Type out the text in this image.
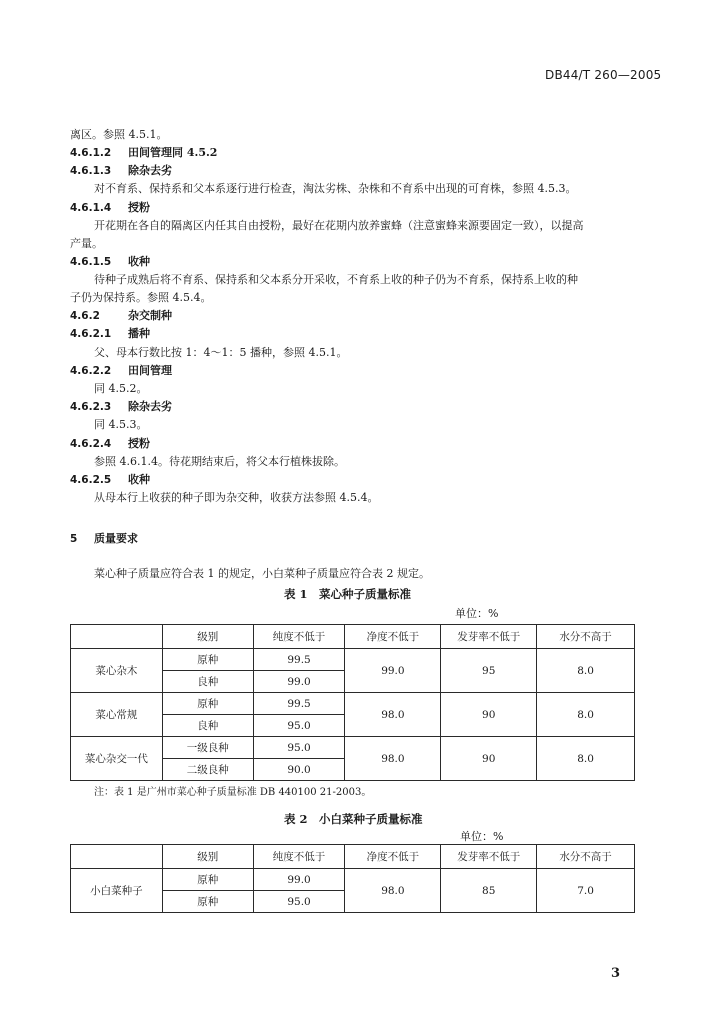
DB44/T 260—2005
离区。参照 4.5.1。
4.6.1.2 田间管理同 4.5.2
4.6.1.3 除杂去劣
对不育系、保持系和父本系逐行进行检查，淘汰劣株、杂株和不育系中出现的可育株，参照 4.5.3。
4.6.1.4 授粉
开花期在各自的隔离区内任其自由授粉，最好在花期内放养蜜蜂（注意蜜蜂来源要固定一致），以提高
产量。
4.6.1.5 收种
待种子成熟后将不育系、保持系和父本系分开采收，不育系上收的种子仍为不育系，保持系上收的种
子仍为保持系。参照 4.5.4。
4.6.2	杂交制种
4.6.2.1 播种
父、母本行数比按 1：4～1：5 播种，参照 4.5.1。
4.6.2.2 田间管理
同 4.5.2。
4.6.2.3 除杂去劣
同 4.5.3。
4.6.2.4 授粉
参照 4.6.1.4。待花期结束后，将父本行植株拔除。
4.6.2.5 收种
从母本行上收获的种子即为杂交种，收获方法参照 4.5.4。
5 质量要求
菜心种子质量应符合表 1 的规定，小白菜种子质量应符合表 2 规定。
表 1　菜心种子质量标准
单位：%
	级别	纯度不低于	净度不低于	发芽率不低于	水分不高于
菜心杂木	原种	99.5	99.0	95	8.0
	良种	99.0			
菜心常规	原种	99.5	98.0	90	8.0
	良种	95.0			
菜心杂交一代	一级良种	95.0	98.0	90	8.0
	二级良种	90.0			
注：表 1 是广州市菜心种子质量标准 DB 440100 21-2003。
表 2　小白菜种子质量标准
单位：%
	级别	纯度不低于	净度不低于	发芽率不低于	水分不高于
小白菜种子	原种	99.0	98.0	85	7.0
	原种	95.0			
3
